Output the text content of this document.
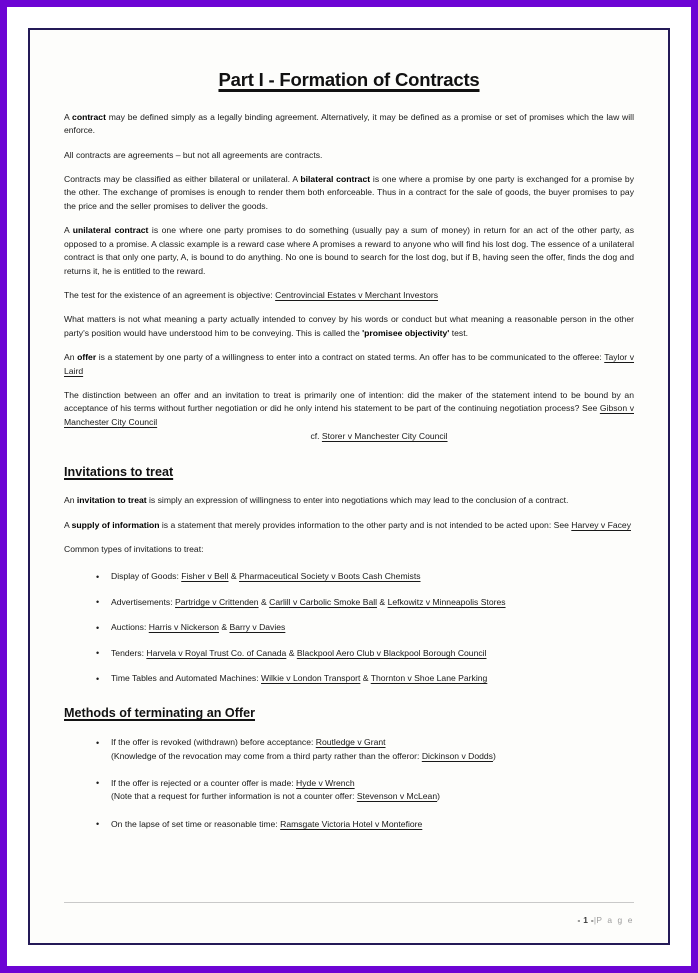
Part I - Formation of Contracts

A contract may be defined simply as a legally binding agreement. Alternatively, it may be defined as a promise or set of promises which the law will enforce.

All contracts are agreements – but not all agreements are contracts.

Contracts may be classified as either bilateral or unilateral. A bilateral contract is one where a promise by one party is exchanged for a promise by the other. The exchange of promises is enough to render them both enforceable. Thus in a contract for the sale of goods, the buyer promises to pay the price and the seller promises to deliver the goods.

A unilateral contract is one where one party promises to do something (usually pay a sum of money) in return for an act of the other party, as opposed to a promise. A classic example is a reward case where A promises a reward to anyone who will find his lost dog. The essence of a unilateral contract is that only one party, A, is bound to do anything. No one is bound to search for the lost dog, but if B, having seen the offer, finds the dog and returns it, he is entitled to the reward.

The test for the existence of an agreement is objective: Centrovincial Estates v Merchant Investors

What matters is not what meaning a party actually intended to convey by his words or conduct but what meaning a reasonable person in the other party's position would have understood him to be conveying. This is called the 'promisee objectivity' test.

An offer is a statement by one party of a willingness to enter into a contract on stated terms. An offer has to be communicated to the offeree: Taylor v Laird

The distinction between an offer and an invitation to treat is primarily one of intention: did the maker of the statement intend to be bound by an acceptance of his terms without further negotiation or did he only intend his statement to be part of the continuing negotiation process? See Gibson v Manchester City Council

cf. Storer v Manchester City Council

Invitations to treat

An invitation to treat is simply an expression of willingness to enter into negotiations which may lead to the conclusion of a contract.

A supply of information is a statement that merely provides information to the other party and is not intended to be acted upon: See Harvey v Facey

Common types of invitations to treat:

• Display of Goods: Fisher v Bell & Pharmaceutical Society v Boots Cash Chemists
• Advertisements: Partridge v Crittenden & Carlill v Carbolic Smoke Ball & Lefkowitz v Minneapolis Stores
• Auctions: Harris v Nickerson & Barry v Davies
• Tenders: Harvela v Royal Trust Co. of Canada & Blackpool Aero Club v Blackpool Borough Council
• Time Tables and Automated Machines: Wilkie v London Transport & Thornton v Shoe Lane Parking
Methods of terminating an Offer
• If the offer is revoked (withdrawn) before acceptance: Routledge v Grant
(Knowledge of the revocation may come from a third party rather than the offeror: Dickinson v Dodds)
• If the offer is rejected or a counter offer is made: Hyde v Wrench
(Note that a request for further information is not a counter offer: Stevenson v McLean)
• On the lapse of set time or reasonable time: Ramsgate Victoria Hotel v Montefiore
- 1 -|P a g e
